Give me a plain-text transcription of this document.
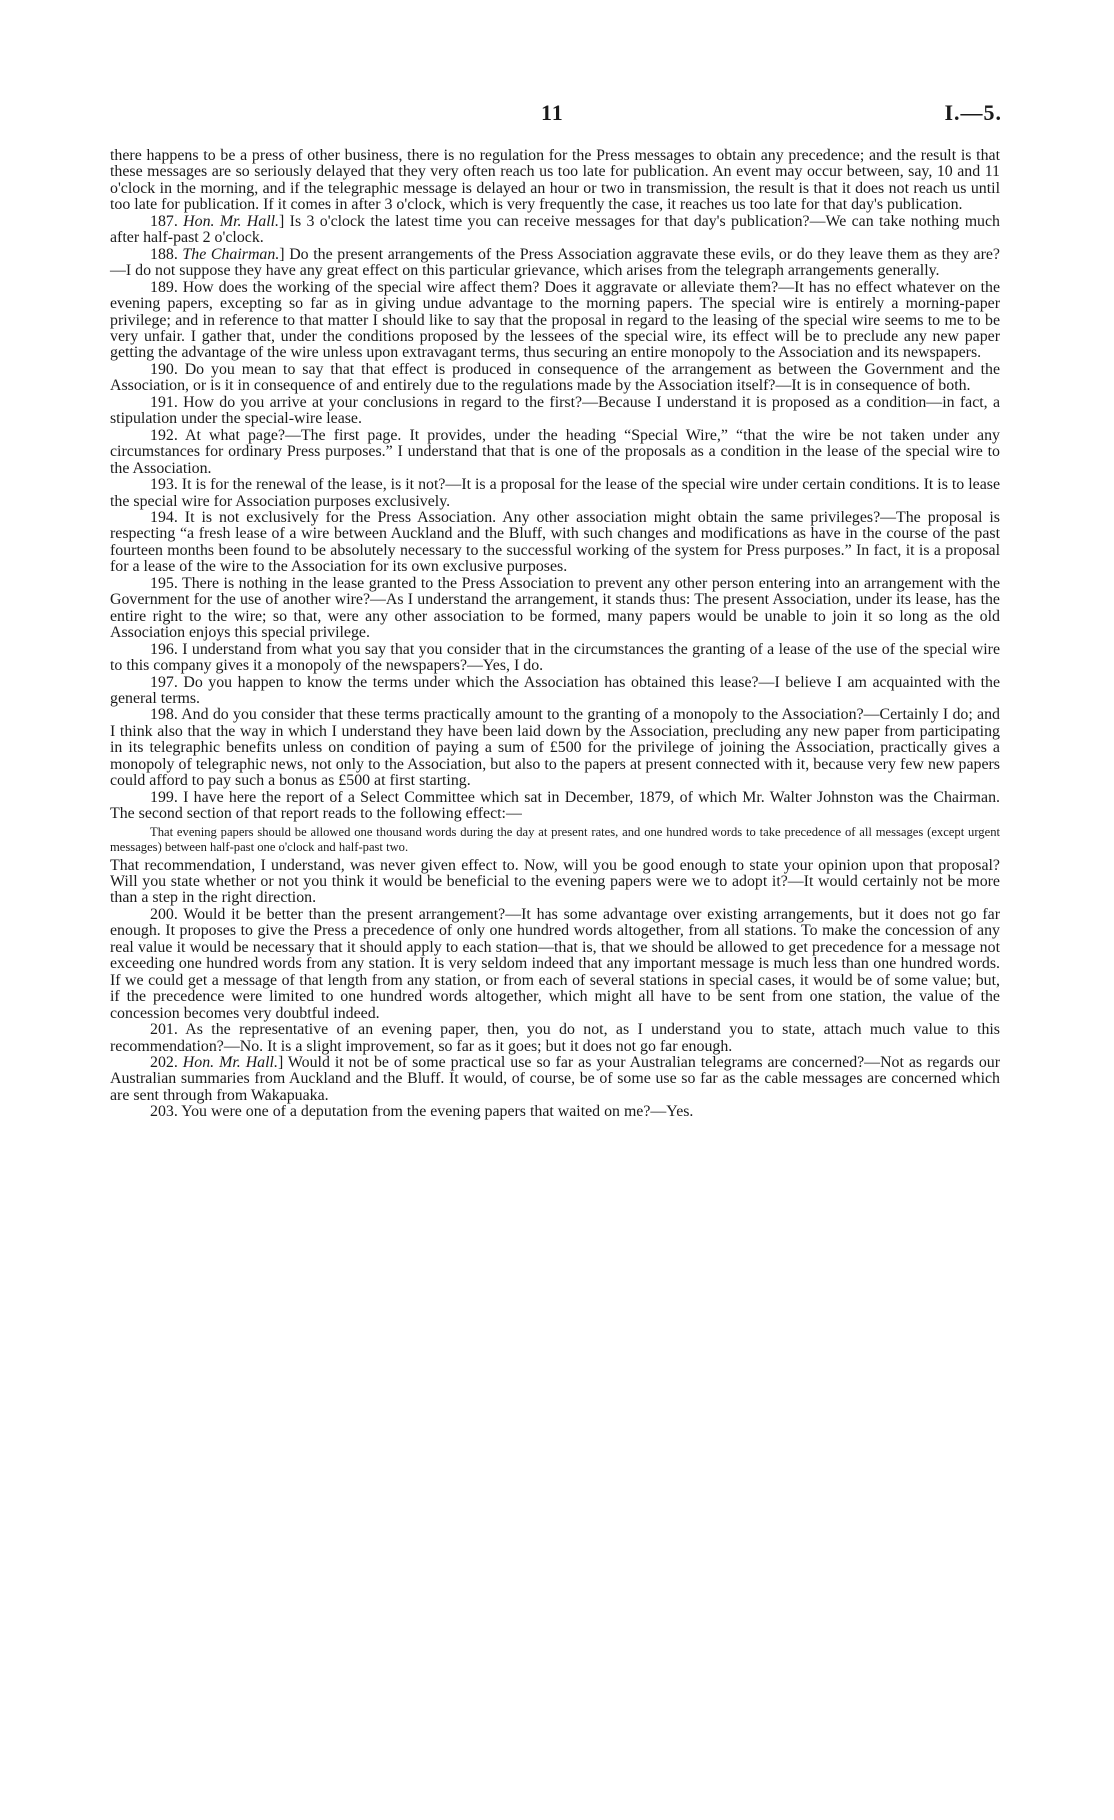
11	I.—5.

there happens to be a press of other business, there is no regulation for the Press messages to obtain any precedence; and the result is that these messages are so seriously delayed that they very often reach us too late for publication. An event may occur between, say, 10 and 11 o'clock in the morning, and if the telegraphic message is delayed an hour or two in transmission, the result is that it does not reach us until too late for publication. If it comes in after 3 o'clock, which is very frequently the case, it reaches us too late for that day's publication.

187. Hon. Mr. Hall.] Is 3 o'clock the latest time you can receive messages for that day's publication?—We can take nothing much after half-past 2 o'clock.

188. The Chairman.] Do the present arrangements of the Press Association aggravate these evils, or do they leave them as they are?—I do not suppose they have any great effect on this particular grievance, which arises from the telegraph arrangements generally.

189. How does the working of the special wire affect them? Does it aggravate or alleviate them?—It has no effect whatever on the evening papers, excepting so far as in giving undue advantage to the morning papers. The special wire is entirely a morning-paper privilege; and in reference to that matter I should like to say that the proposal in regard to the leasing of the special wire seems to me to be very unfair. I gather that, under the conditions proposed by the lessees of the special wire, its effect will be to preclude any new paper getting the advantage of the wire unless upon extravagant terms, thus securing an entire monopoly to the Association and its newspapers.

190. Do you mean to say that that effect is produced in consequence of the arrangement as between the Government and the Association, or is it in consequence of and entirely due to the regulations made by the Association itself?—It is in consequence of both.

191. How do you arrive at your conclusions in regard to the first?—Because I understand it is proposed as a condition—in fact, a stipulation under the special-wire lease.

192. At what page?—The first page. It provides, under the heading “Special Wire,” “that the wire be not taken under any circumstances for ordinary Press purposes.” I understand that that is one of the proposals as a condition in the lease of the special wire to the Association.

193. It is for the renewal of the lease, is it not?—It is a proposal for the lease of the special wire under certain conditions. It is to lease the special wire for Association purposes exclusively.

194. It is not exclusively for the Press Association. Any other association might obtain the same privileges?—The proposal is respecting “a fresh lease of a wire between Auckland and the Bluff, with such changes and modifications as have in the course of the past fourteen months been found to be absolutely necessary to the successful working of the system for Press purposes.” In fact, it is a proposal for a lease of the wire to the Association for its own exclusive purposes.

195. There is nothing in the lease granted to the Press Association to prevent any other person entering into an arrangement with the Government for the use of another wire?—As I understand the arrangement, it stands thus: The present Association, under its lease, has the entire right to the wire; so that, were any other association to be formed, many papers would be unable to join it so long as the old Association enjoys this special privilege.

196. I understand from what you say that you consider that in the circumstances the granting of a lease of the use of the special wire to this company gives it a monopoly of the newspapers?—Yes, I do.

197. Do you happen to know the terms under which the Association has obtained this lease?—I believe I am acquainted with the general terms.

198. And do you consider that these terms practically amount to the granting of a monopoly to the Association?—Certainly I do; and I think also that the way in which I understand they have been laid down by the Association, precluding any new paper from participating in its telegraphic benefits unless on condition of paying a sum of £500 for the privilege of joining the Association, practically gives a monopoly of telegraphic news, not only to the Association, but also to the papers at present connected with it, because very few new papers could afford to pay such a bonus as £500 at first starting.

199. I have here the report of a Select Committee which sat in December, 1879, of which Mr. Walter Johnston was the Chairman. The second section of that report reads to the following effect:—

That evening papers should be allowed one thousand words during the day at present rates, and one hundred words to take precedence of all messages (except urgent messages) between half-past one o'clock and half-past two.

That recommendation, I understand, was never given effect to. Now, will you be good enough to state your opinion upon that proposal? Will you state whether or not you think it would be beneficial to the evening papers were we to adopt it?—It would certainly not be more than a step in the right direction.

200. Would it be better than the present arrangement?—It has some advantage over existing arrangements, but it does not go far enough. It proposes to give the Press a precedence of only one hundred words altogether, from all stations. To make the concession of any real value it would be necessary that it should apply to each station—that is, that we should be allowed to get precedence for a message not exceeding one hundred words from any station. It is very seldom indeed that any important message is much less than one hundred words. If we could get a message of that length from any station, or from each of several stations in special cases, it would be of some value; but, if the precedence were limited to one hundred words altogether, which might all have to be sent from one station, the value of the concession becomes very doubtful indeed.

201. As the representative of an evening paper, then, you do not, as I understand you to state, attach much value to this recommendation?—No. It is a slight improvement, so far as it goes; but it does not go far enough.

202. Hon. Mr. Hall.] Would it not be of some practical use so far as your Australian telegrams are concerned?—Not as regards our Australian summaries from Auckland and the Bluff. It would, of course, be of some use so far as the cable messages are concerned which are sent through from Wakapuaka.

203. You were one of a deputation from the evening papers that waited on me?—Yes.
